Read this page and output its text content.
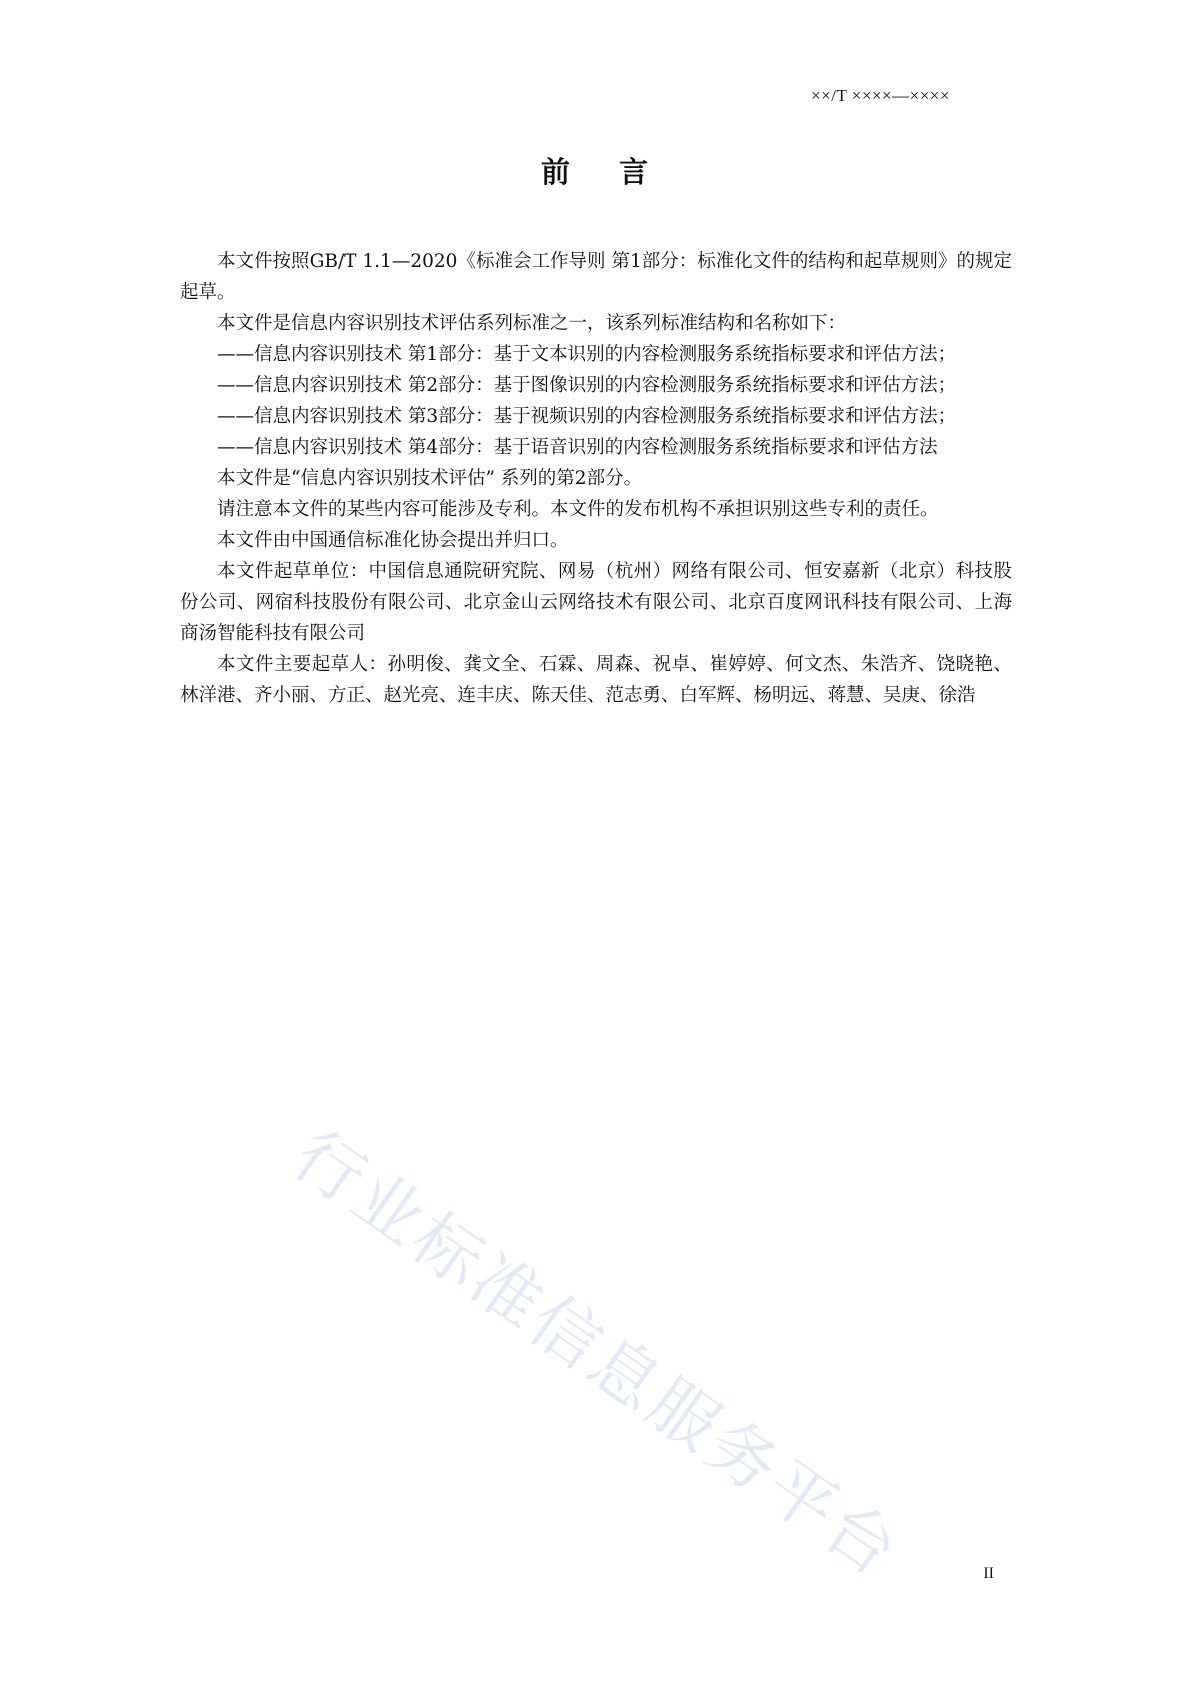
××/T ××××—××××
前 言

本文件按照GB/T 1.1—2020《标准会工作导则 第1部分：标准化文件的结构和起草规则》的规定起草。

本文件是信息内容识别技术评估系列标准之一，该系列标准结构和名称如下：

——信息内容识别技术 第1部分：基于文本识别的内容检测服务系统指标要求和评估方法；

——信息内容识别技术 第2部分：基于图像识别的内容检测服务系统指标要求和评估方法；

——信息内容识别技术 第3部分：基于视频识别的内容检测服务系统指标要求和评估方法；

——信息内容识别技术 第4部分：基于语音识别的内容检测服务系统指标要求和评估方法

本文件是“信息内容识别技术评估” 系列的第2部分。

请注意本文件的某些内容可能涉及专利。本文件的发布机构不承担识别这些专利的责任。

本文件由中国通信标准化协会提出并归口。

本文件起草单位：中国信息通院研究院、网易（杭州）网络有限公司、恒安嘉新（北京）科技股份公司、网宿科技股份有限公司、北京金山云网络技术有限公司、北京百度网讯科技有限公司、上海商汤智能科技有限公司

本文件主要起草人：孙明俊、龚文全、石霖、周森、祝卓、崔婷婷、何文杰、朱浩齐、饶晓艳、林洋港、齐小丽、方正、赵光亮、连丰庆、陈天佳、范志勇、白军辉、杨明远、蒋慧、吴庚、徐浩

行业标准信息服务平台	II
